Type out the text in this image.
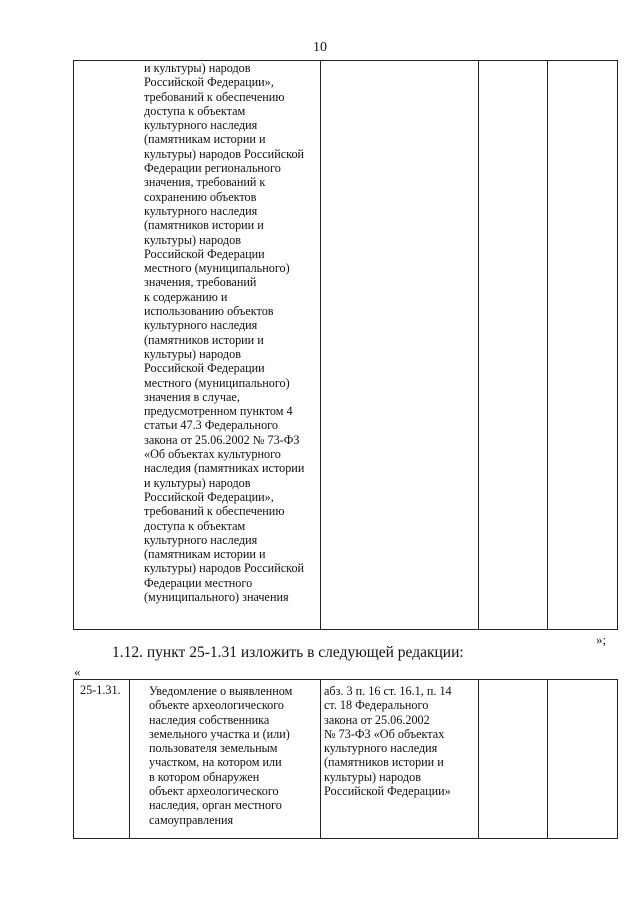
10
и культуры) народов
Российской Федерации»,
требований к обеспечению
доступа к объектам
культурного наследия
(памятникам истории и
культуры) народов Российской
Федерации регионального
значения, требований к
сохранению объектов
культурного наследия
(памятников истории и
культуры) народов
Российской Федерации
местного (муниципального)
значения, требований
к содержанию и
использованию объектов
культурного наследия
(памятников истории и
культуры) народов
Российской Федерации
местного (муниципального)
значения в случае,
предусмотренном пунктом 4
статьи 47.3 Федерального
закона от 25.06.2002 № 73-ФЗ
«Об объектах культурного
наследия (памятниках истории
и культуры) народов
Российской Федерации»,
требований к обеспечению
доступа к объектам
культурного наследия
(памятникам истории и
культуры) народов Российской
Федерации местного
(муниципального) значения

»;
1.12. пункт 25-1.31 изложить в следующей редакции:
«
25-1.31.	Уведомление о выявленном
объекте археологического
наследия собственника
земельного участка и (или)
пользователя земельным
участком, на котором или
в котором обнаружен
объект археологического
наследия, орган местного
самоуправления

абз. 3 п. 16 ст. 16.1, п. 14
ст. 18 Федерального
закона от 25.06.2002
№ 73-ФЗ «Об объектах
культурного наследия
(памятников истории и
культуры) народов
Российской Федерации»
